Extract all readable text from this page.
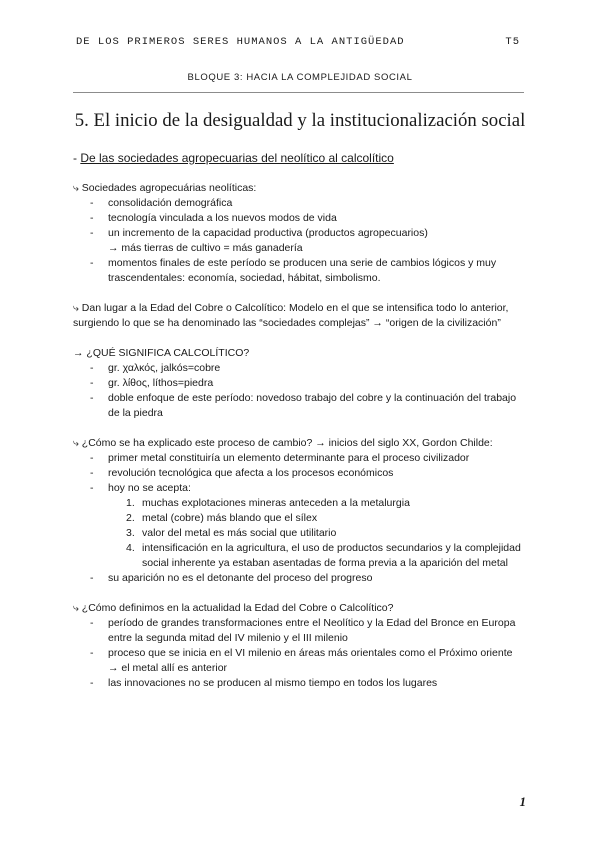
DE LOS PRIMEROS SERES HUMANOS A LA ANTIGÜEDAD	T5
BLOQUE 3: HACIA LA COMPLEJIDAD SOCIAL
5. El inicio de la desigualdad y la institucionalización social
- De las sociedades agropecuarias del neolítico al calcolítico
⤷ Sociedades agropecuárias neolíticas:
- consolidación demográfica
- tecnología vinculada a los nuevos modos de vida
- un incremento de la capacidad productiva (productos agropecuarios)
→ más tierras de cultivo = más ganadería
- momentos finales de este período se producen una serie de cambios lógicos y muy trascendentales: economía, sociedad, hábitat, simbolismo.
⤷ Dan lugar a la Edad del Cobre o Calcolítico: Modelo en el que se intensifica todo lo anterior, surgiendo lo que se ha denominado las “sociedades complejas” → “origen de la civilización”
→ ¿QUÉ SIGNIFICA CALCOLÍTICO?
- gr. χαλκός, jalkós=cobre
- gr. λίθος, líthos=piedra
- doble enfoque de este período: novedoso trabajo del cobre y la continuación del trabajo de la piedra
⤷ ¿Cómo se ha explicado este proceso de cambio? → inicios del siglo XX, Gordon Childe:
- primer metal constituiría un elemento determinante para el proceso civilizador
- revolución tecnológica que afecta a los procesos económicos
- hoy no se acepta:
1. muchas explotaciones mineras anteceden a la metalurgia
2. metal (cobre) más blando que el sílex
3. valor del metal es más social que utilitario
4. intensificación en la agricultura, el uso de productos secundarios y la complejidad social inherente ya estaban asentadas de forma previa a la aparición del metal
- su aparición no es el detonante del proceso del progreso
⤷ ¿Cómo definimos en la actualidad la Edad del Cobre o Calcolítico?
- período de grandes transformaciones entre el Neolítico y la Edad del Bronce en Europa entre la segunda mitad del IV milenio y el III milenio
- proceso que se inicia en el VI milenio en áreas más orientales como el Próximo oriente → el metal allí es anterior
- las innovaciones no se producen al mismo tiempo en todos los lugares
1
